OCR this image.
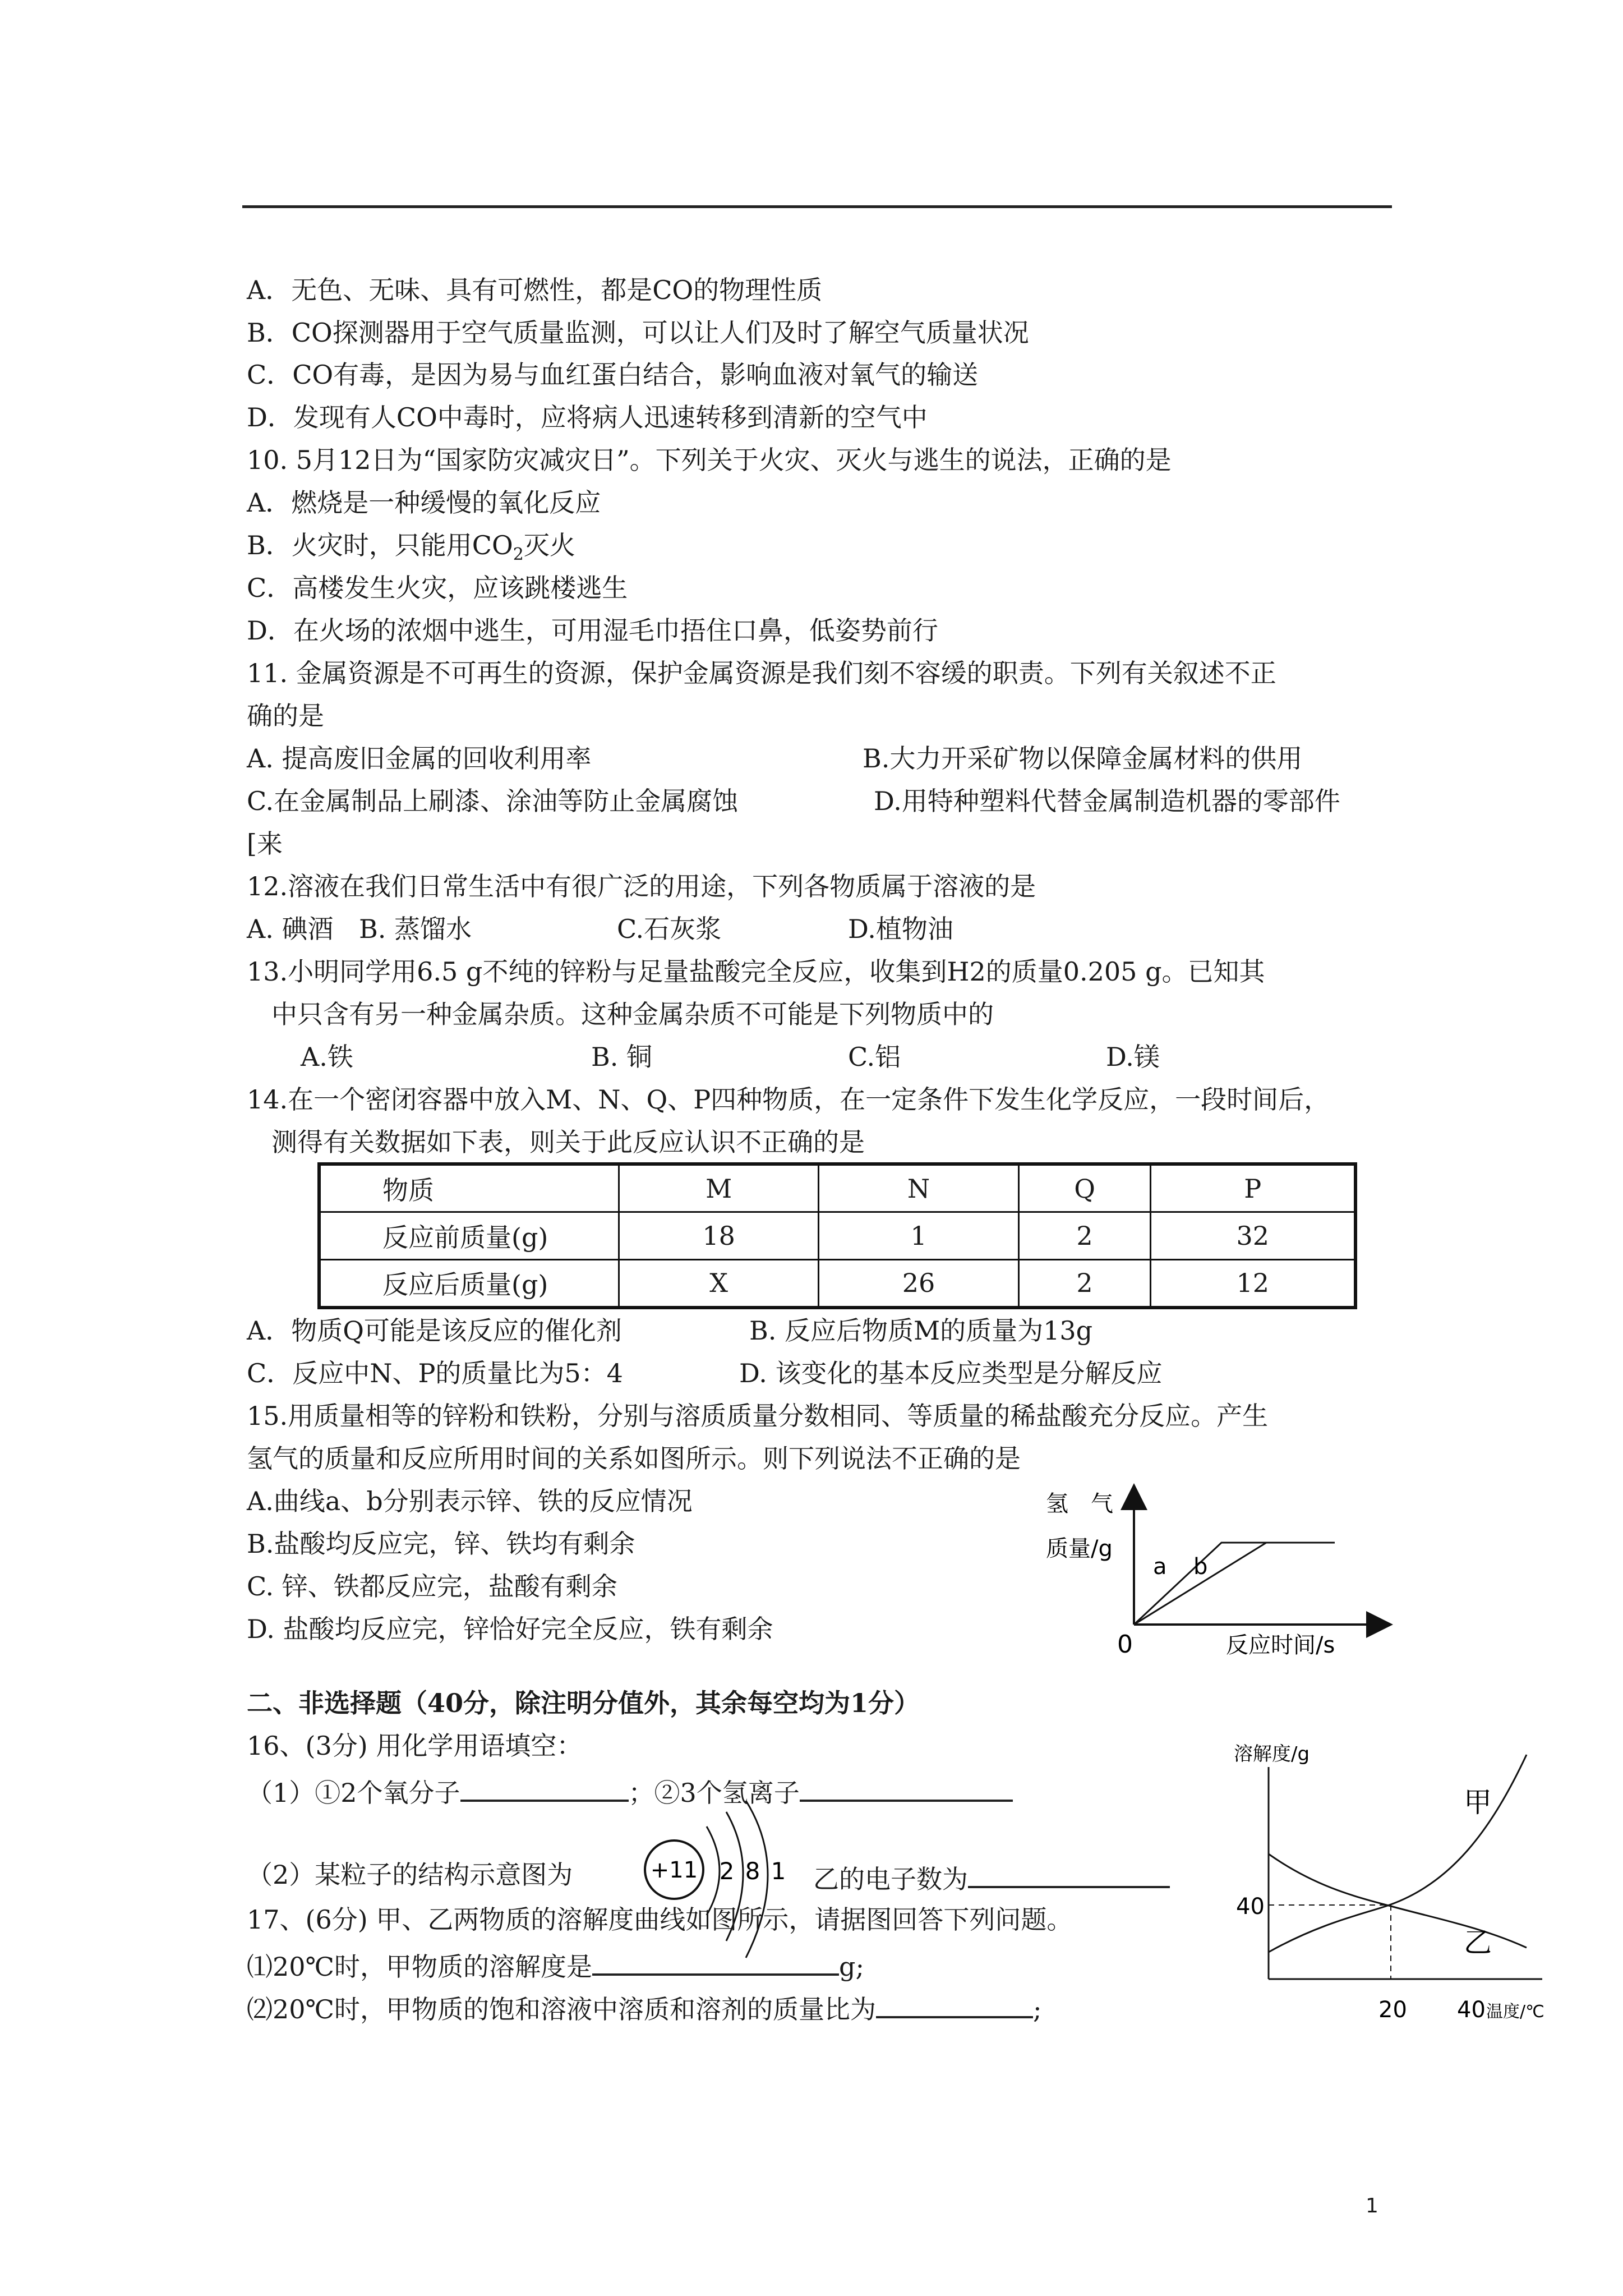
A．无色、无味、具有可燃性，都是CO的物理性质
B．CO探测器用于空气质量监测，可以让人们及时了解空气质量状况
C．CO有毒，是因为易与血红蛋白结合，影响血液对氧气的输送
D．发现有人CO中毒时，应将病人迅速转移到清新的空气中
10. 5月12日为“国家防灾减灾日”。下列关于火灾、灭火与逃生的说法，正确的是
A．燃烧是一种缓慢的氧化反应
B．火灾时，只能用$CO_2$灭火
C．高楼发生火灾，应该跳楼逃生
D．在火场的浓烟中逃生，可用湿毛巾捂住口鼻，低姿势前行
11. 金属资源是不可再生的资源，保护金属资源是我们刻不容缓的职责。下列有关叙述不正
确的是
A. 提高废旧金属的回收利用率	B.大力开采矿物以保障金属材料的供用
C.在金属制品上刷漆、涂油等防止金属腐蚀	D.用特种塑料代替金属制造机器的零部件
[来
12.溶液在我们日常生活中有很广泛的用途，下列各物质属于溶液的是
A. 碘酒 B. 蒸馏水	C.石灰浆	D.植物油
13.小明同学用6.5 g不纯的锌粉与足量盐酸完全反应，收集到H2的质量0.205 g。已知其
中只含有另一种金属杂质。这种金属杂质不可能是下列物质中的
A.铁	B. 铜	C.铝	D.镁
14.在一个密闭容器中放入M、N、Q、P四种物质，在一定条件下发生化学反应，一段时间后，
测得有关数据如下表，则关于此反应认识不正确的是
物质	M	N	Q	P
反应前质量(g)	18	1	2	32
反应后质量(g)	X	26	2	12
A．物质Q可能是该反应的催化剂	B. 反应后物质M的质量为13g
C．反应中N、P的质量比为5：4	D. 该变化的基本反应类型是分解反应
15.用质量相等的锌粉和铁粉，分别与溶质质量分数相同、等质量的稀盐酸充分反应。产生
氢气的质量和反应所用时间的关系如图所示。则下列说法不正确的是
A.曲线a、b分别表示锌、铁的反应情况
B.盐酸均反应完，锌、铁均有剩余
C. 锌、铁都反应完，盐酸有剩余
D. 盐酸均反应完，锌恰好完全反应，铁有剩余
氢　气
质量/g
a b
0	反应时间/s
二、非选择题（40分，除注明分值外，其余每空均为1分）
16、(3分) 用化学用语填空：
（1）①2个氧分子	；②3个氢离子
（2）某粒子的结构示意图为	乙的电子数为
+11 2 8 1
17、(6分) 甲、乙两物质的溶解度曲线如图所示，请据图回答下列问题。
⑴20℃时，甲物质的溶解度是	g;
⑵20℃时，甲物质的饱和溶液中溶质和溶剂的质量比为	;
溶解度/g
40
20 40 温度/℃
甲
乙
1
